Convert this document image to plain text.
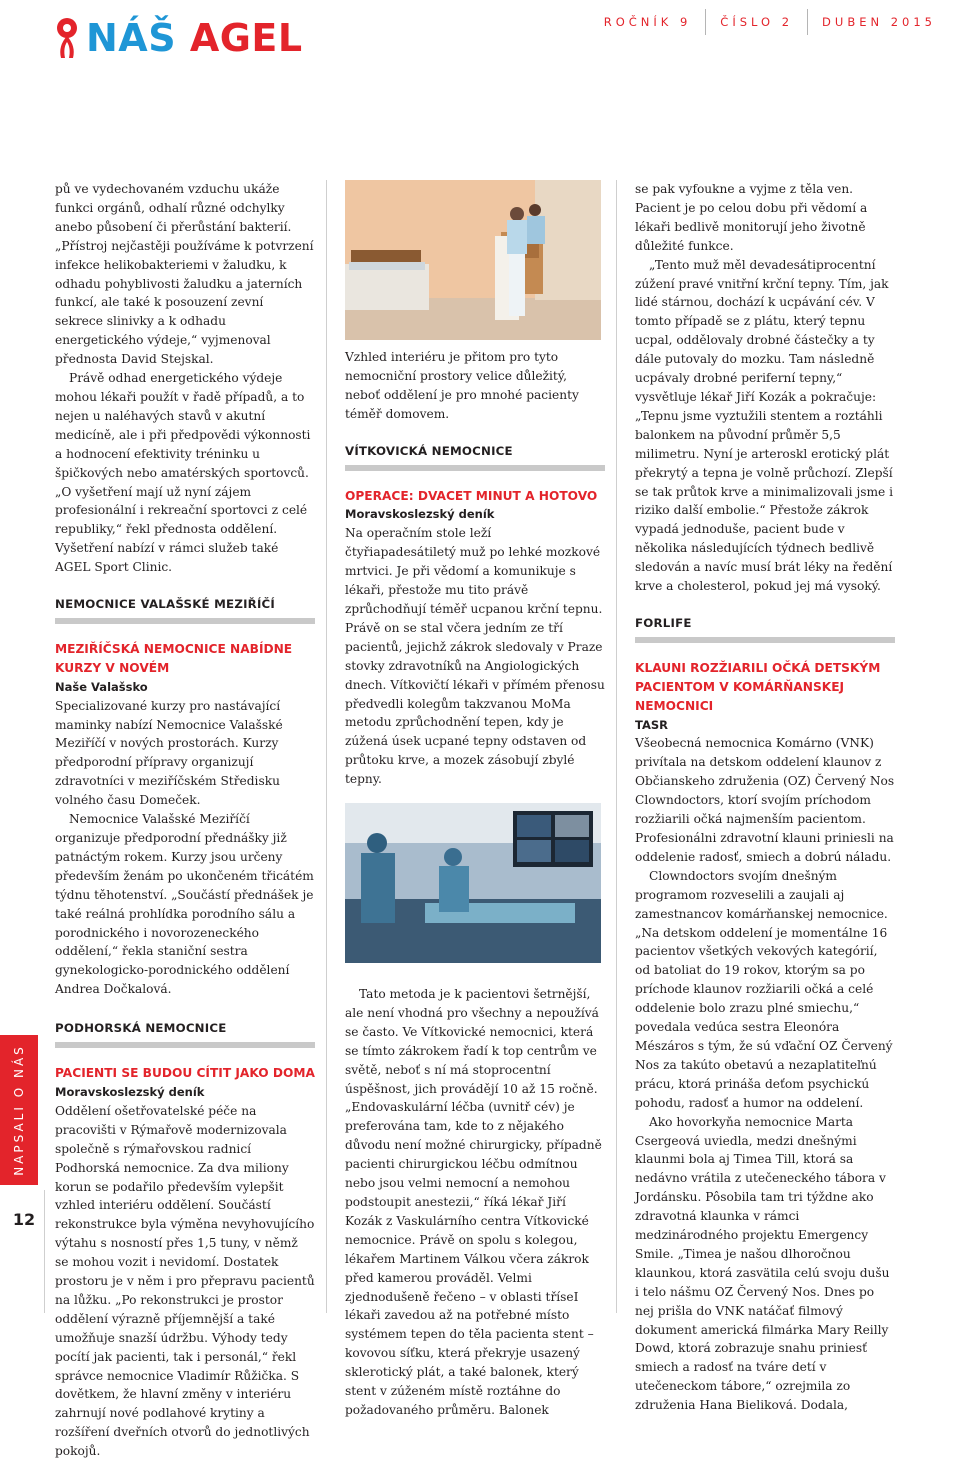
NÁŠ AGEL	ROČNÍK 9	ČÍSLO 2	DUBEN 2015
NAPSALI O NÁS
12

pů ve vydechovaném vzduchu ukáže funkci orgánů, odhalí různé odchylky anebo působení či přerůstání bakterií. „Přístroj nejčastěji používáme k potvrzení infekce helikobakteriemi v žaludku, k odhadu pohyblivosti žaludku a jaterních funkcí, ale také k posouzení zevní sekrece slinivky a k odhadu energetického výdeje,“ vyjmenoval přednosta David Stejskal.

Právě odhad energetického výdeje mohou lékaři použít v řadě případů, a to nejen u naléhavých stavů v akutní medicíně, ale i při předpovědi výkonnosti a hodnocení efektivity tréninku u špičkových nebo amatérských sportovců. „O vyšetření mají už nyní zájem profesionální i rekreační sportovci z celé republiky,“ řekl přednosta oddělení. Vyšetření nabízí v rámci služeb také AGEL Sport Clinic.

NEMOCNICE VALAŠSKÉ MEZIŘÍČÍ
MEZIŘÍČSKÁ NEMOCNICE NABÍDNE KURZY V NOVÉM
Naše Valašsko

Specializované kurzy pro nastávající maminky nabízí Nemocnice Valašské Meziříčí v nových prostorách. Kurzy předporodní přípravy organizují zdravotníci v meziříčském Středisku volného času Domeček.

Nemocnice Valašské Meziříčí organizuje předporodní přednášky již patnáctým rokem. Kurzy jsou určeny především ženám po ukončeném třicátém týdnu těhotenství. „Součástí přednášek je také reálná prohlídka porodního sálu a porodnického i novorozeneckého oddělení,“ řekla staniční sestra gynekologicko-porodnického oddělení Andrea Dočkalová.

PODHORSKÁ NEMOCNICE
PACIENTI SE BUDOU CÍTIT JAKO DOMA
Moravskoslezský deník

Oddělení ošetřovatelské péče na pracovišti v Rýmařově modernizovala společně s rýmařovskou radnicí Podhorská nemocnice. Za dva miliony korun se podařilo především vylepšit vzhled interiéru oddělení. Součástí rekonstrukce byla výměna nevyhovujícího výtahu s nosností přes 1,5 tuny, v němž se mohou vozit i nevidomí. Dostatek prostoru je v něm i pro přepravu pacientů na lůžku. „Po rekonstrukci je prostor oddělení výrazně příjemnější a také umožňuje snazší údržbu. Výhody tedy pocítí jak pacienti, tak i personál,“ řekl správce nemocnice Vladimír Růžička. S dovětkem, že hlavní změny v interiéru zahrnují nové podlahové krytiny a rozšíření dveřních otvorů do jednotlivých pokojů.

Vzhled interiéru je přitom pro tyto nemocniční prostory velice důležitý, neboť oddělení je pro mnohé pacienty téměř domovem.

VÍTKOVICKÁ NEMOCNICE
OPERACE: DVACET MINUT A HOTOVO
Moravskoslezský deník

Na operačním stole leží čtyřiapadesátiletý muž po lehké mozkové mrtvici. Je při vědomí a komunikuje s lékaři, přestože mu tito právě zprůchodňují téměř ucpanou krční tepnu. Právě on se stal včera jedním ze tří pacientů, jejichž zákrok sledovaly v Praze stovky zdravotníků na Angiologických dnech. Vítkovičtí lékaři v přímém přenosu předvedli kolegům takzvanou MoMa metodu zprůchodnění tepen, kdy je zúžená úsek ucpané tepny odstaven od průtoku krve, a mozek zásobují zbylé tepny.

Tato metoda je k pacientovi šetrnější, ale není vhodná pro všechny a nepoužívá se často. Ve Vítkovické nemocnici, která se tímto zákrokem řadí k top centrům ve světě, neboť s ní má stoprocentní úspěšnost, jich provádějí 10 až 15 ročně. „Endovaskulární léčba (uvnitř cév) je preferována tam, kde to z nějakého důvodu není možné chirurgicky, případně pacienti chirurgickou léčbu odmítnou nebo jsou velmi nemocní a nemohou podstoupit anestezii,“ říká lékař Jiří Kozák z Vaskulárního centra Vítkovické nemocnice. Právě on spolu s kolegou, lékařem Martinem Válkou včera zákrok před kamerou prováděl. Velmi zjednodušeně řečeno – v oblasti tříseI lékaři zavedou až na potřebné místo systémem tepen do těla pacienta stent – kovovou síťku, která překryje usazený sklerotický plát, a také balonek, který stent v zúženém místě roztáhne do požadovaného průměru. Balonek

se pak vyfoukne a vyjme z těla ven. Pacient je po celou dobu při vědomí a lékaři bedlivě monitorují jeho životně důležité funkce.

„Tento muž měl devadesátiprocentní zúžení pravé vnitřní krční tepny. Tím, jak lidé stárnou, dochází k ucpávání cév. V tomto případě se z plátu, který tepnu ucpal, oddělovaly drobné částečky a ty dále putovaly do mozku. Tam následně ucpávaly drobné periferní tepny,“ vysvětluje lékař Jiří Kozák a pokračuje: „Tepnu jsme vyztužili stentem a roztáhli balonkem na původní průměr 5,5 milimetru. Nyní je arteroskl erotický plát překrytý a tepna je volně průchozí. Zlepší se tak průtok krve a minimalizovali jsme i riziko další embolie.“ Přestože zákrok vypadá jednoduše, pacient bude v několika následujících týdnech bedlivě sledován a navíc musí brát léky na ředění krve a cholesterol, pokud jej má vysoký.

FORLIFE
KLAUNI ROZŽIARILI OČKÁ DETSKÝM PACIENTOM V KOMÁRŇANSKEJ NEMOCNICI
TASR

Všeobecná nemocnica Komárno (VNK) privítala na detskom oddelení klaunov z Občianskeho združenia (OZ) Červený Nos Clowndoctors, ktorí svojím príchodom rozžiarili očká najmenším pacientom. Profesionálni zdravotní klauni priniesli na oddelenie radosť, smiech a dobrú náladu.

Clowndoctors svojím dnešným programom rozveselili a zaujali aj zamestnancov komárňanskej nemocnice. „Na detskom oddelení je momentálne 16 pacientov všetkých vekových kategórií, od batoliat do 19 rokov, ktorým sa po príchode klaunov rozžiarili očká a celé oddelenie bolo zrazu plné smiechu,“ povedala vedúca sestra Eleonóra Mészáros s tým, že sú vďační OZ Červený Nos za takúto obetavú a nezaplatiteľnú prácu, ktorá prináša deťom psychickú pohodu, radosť a humor na oddelení.

Ako hovorkyňa nemocnice Marta Csergeová uviedla, medzi dnešnými klaunmi bola aj Timea Till, ktorá sa nedávno vrátila z utečeneckého tábora v Jordánsku. Pôsobila tam tri týždne ako zdravotná klaunka v rámci medzinárodného projektu Emergency Smile. „Timea je našou dlhoročnou klaunkou, ktorá zasvätila celú svoju dušu i telo nášmu OZ Červený Nos. Dnes po nej prišla do VNK natáčať filmový dokument americká filmárka Mary Reilly Dowd, ktorá zobrazuje snahu priniesť smiech a radosť na tváre detí v utečeneckom tábore,“ ozrejmila zo združenia Hana Bieliková. Dodala,
